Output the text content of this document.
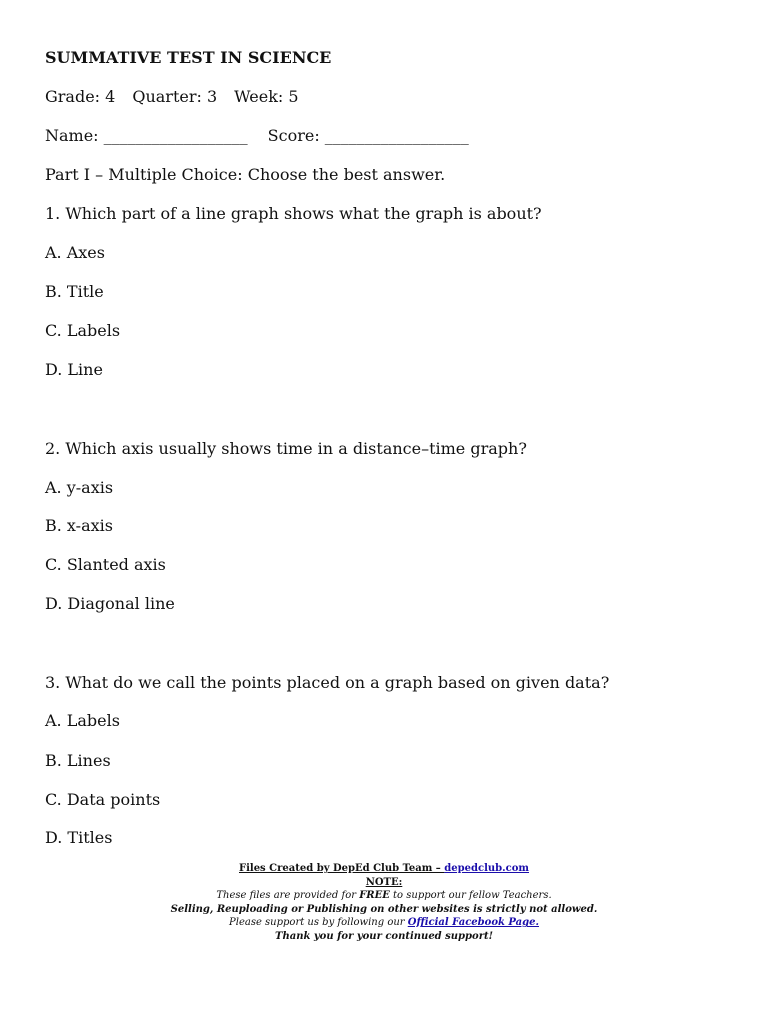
SUMMATIVE TEST IN SCIENCE
Grade: 4 Quarter: 3 Week: 5
Name: __________________ Score: __________________
Part I – Multiple Choice: Choose the best answer.
1. Which part of a line graph shows what the graph is about?
A. Axes
B. Title
C. Labels
D. Line
2. Which axis usually shows time in a distance–time graph?
A. y-axis
B. x-axis
C. Slanted axis
D. Diagonal line
3. What do we call the points placed on a graph based on given data?
A. Labels
B. Lines
C. Data points
D. Titles
Files Created by DepEd Club Team – depedclub.com
NOTE:
These files are provided for FREE to support our fellow Teachers.
Selling, Reuploading or Publishing on other websites is strictly not allowed.
Please support us by following our Official Facebook Page.
Thank you for your continued support!
